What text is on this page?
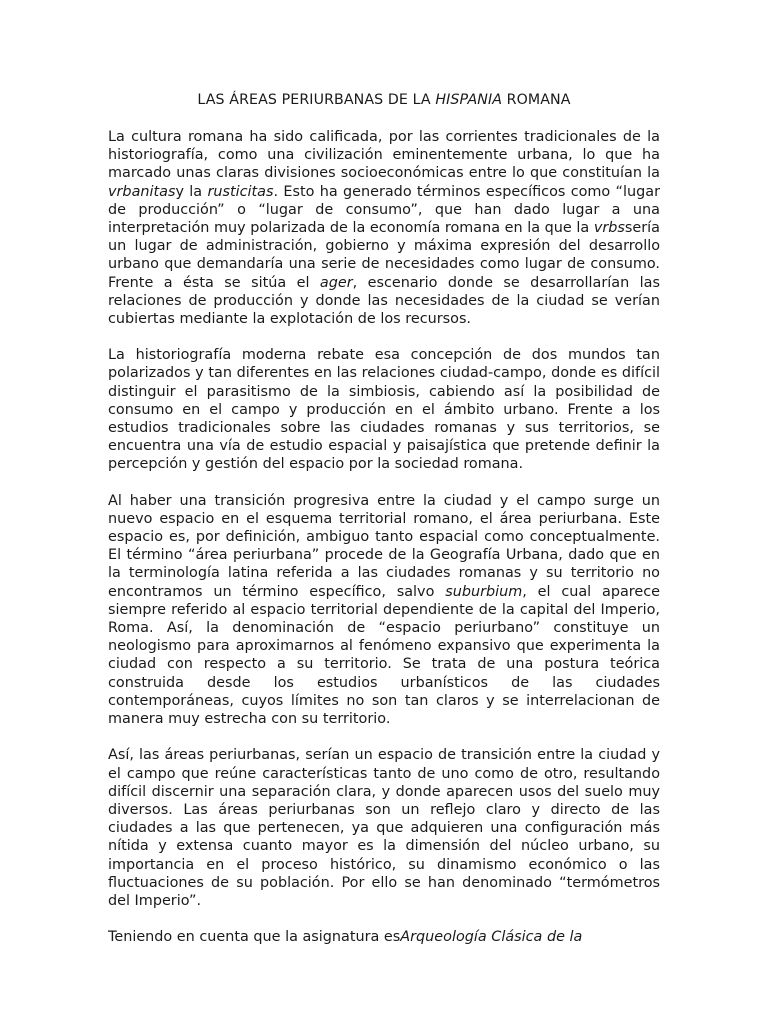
LAS ÁREAS PERIURBANAS DE LA HISPANIA ROMANA

La cultura romana ha sido calificada, por las corrientes tradicionales de la historiografía, como una civilización eminentemente urbana, lo que ha marcado unas claras divisiones socioeconómicas entre lo que constituían la vrbanitasy la rusticitas. Esto ha generado términos específicos como “lugar de producción” o “lugar de consumo”, que han dado lugar a una interpretación muy polarizada de la economía romana en la que la vrbssería un lugar de administración, gobierno y máxima expresión del desarrollo urbano que demandaría una serie de necesidades como lugar de consumo. Frente a ésta se sitúa el ager, escenario donde se desarrollarían las relaciones de producción y donde las necesidades de la ciudad se verían cubiertas mediante la explotación de los recursos.

La historiografía moderna rebate esa concepción de dos mundos tan polarizados y tan diferentes en las relaciones ciudad-campo, donde es difícil distinguir el parasitismo de la simbiosis, cabiendo así la posibilidad de consumo en el campo y producción en el ámbito urbano. Frente a los estudios tradicionales sobre las ciudades romanas y sus territorios, se encuentra una vía de estudio espacial y paisajística que pretende definir la percepción y gestión del espacio por la sociedad romana.

Al haber una transición progresiva entre la ciudad y el campo surge un nuevo espacio en el esquema territorial romano, el área periurbana. Este espacio es, por definición, ambiguo tanto espacial como conceptualmente. El término “área periurbana” procede de la Geografía Urbana, dado que en la terminología latina referida a las ciudades romanas y su territorio no encontramos un término específico, salvo suburbium, el cual aparece siempre referido al espacio territorial dependiente de la capital del Imperio, Roma. Así, la denominación de “espacio periurbano” constituye un neologismo para aproximarnos al fenómeno expansivo que experimenta la ciudad con respecto a su territorio. Se trata de una postura teórica construida desde los estudios urbanísticos de las ciudades contemporáneas, cuyos límites no son tan claros y se interrelacionan de manera muy estrecha con su territorio.

Así, las áreas periurbanas, serían un espacio de transición entre la ciudad y el campo que reúne características tanto de uno como de otro, resultando difícil discernir una separación clara, y donde aparecen usos del suelo muy diversos. Las áreas periurbanas son un reflejo claro y directo de las ciudades a las que pertenecen, ya que adquieren una configuración más nítida y extensa cuanto mayor es la dimensión del núcleo urbano, su importancia en el proceso histórico, su dinamismo económico o las fluctuaciones de su población. Por ello se han denominado “termómetros del Imperio”.

Teniendo en cuenta que la asignatura esArqueología Clásica de la
